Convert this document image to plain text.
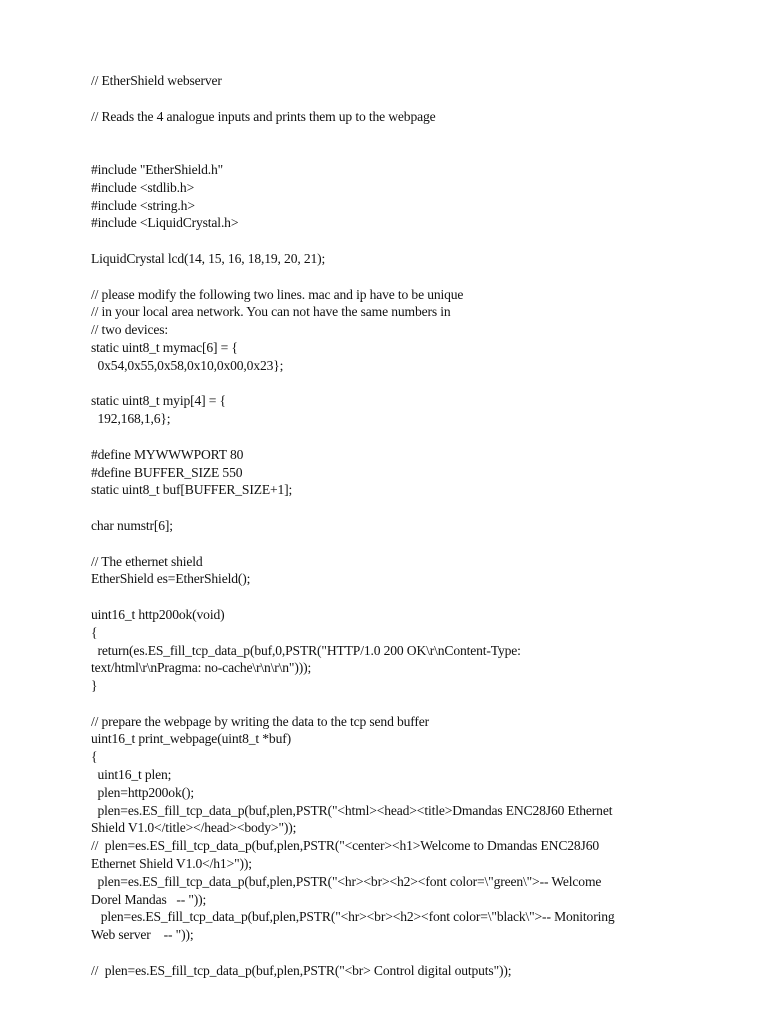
// EtherShield webserver
// Reads the 4 analogue inputs and prints them up to the webpage
#include "EtherShield.h"
#include <stdlib.h>
#include <string.h>
#include <LiquidCrystal.h>
LiquidCrystal lcd(14, 15, 16, 18,19, 20, 21);
// please modify the following two lines. mac and ip have to be unique
// in your local area network. You can not have the same numbers in
// two devices:
static uint8_t mymac[6] = {
0x54,0x55,0x58,0x10,0x00,0x23};
static uint8_t myip[4] = {
192,168,1,6};
#define MYWWWPORT 80
#define BUFFER_SIZE 550
static uint8_t buf[BUFFER_SIZE+1];
char numstr[6];
// The ethernet shield
EtherShield es=EtherShield();
uint16_t http200ok(void)
{
return(es.ES_fill_tcp_data_p(buf,0,PSTR("HTTP/1.0 200 OK\r\nContent-Type:
text/html\r\nPragma: no-cache\r\n\r\n")));
}
// prepare the webpage by writing the data to the tcp send buffer
uint16_t print_webpage(uint8_t *buf)
{
uint16_t plen;
plen=http200ok();
plen=es.ES_fill_tcp_data_p(buf,plen,PSTR("<html><head><title>Dmandas ENC28J60 Ethernet
Shield V1.0</title></head><body>"));
//  plen=es.ES_fill_tcp_data_p(buf,plen,PSTR("<center><h1>Welcome to Dmandas ENC28J60
Ethernet Shield V1.0</h1>"));
plen=es.ES_fill_tcp_data_p(buf,plen,PSTR("<hr><br><h2><font color=\"green\">-- Welcome
Dorel Mandas   -- "));
plen=es.ES_fill_tcp_data_p(buf,plen,PSTR("<hr><br><h2><font color=\"black\">-- Monitoring
Web server    -- "));
//  plen=es.ES_fill_tcp_data_p(buf,plen,PSTR("<br> Control digital outputs"));
